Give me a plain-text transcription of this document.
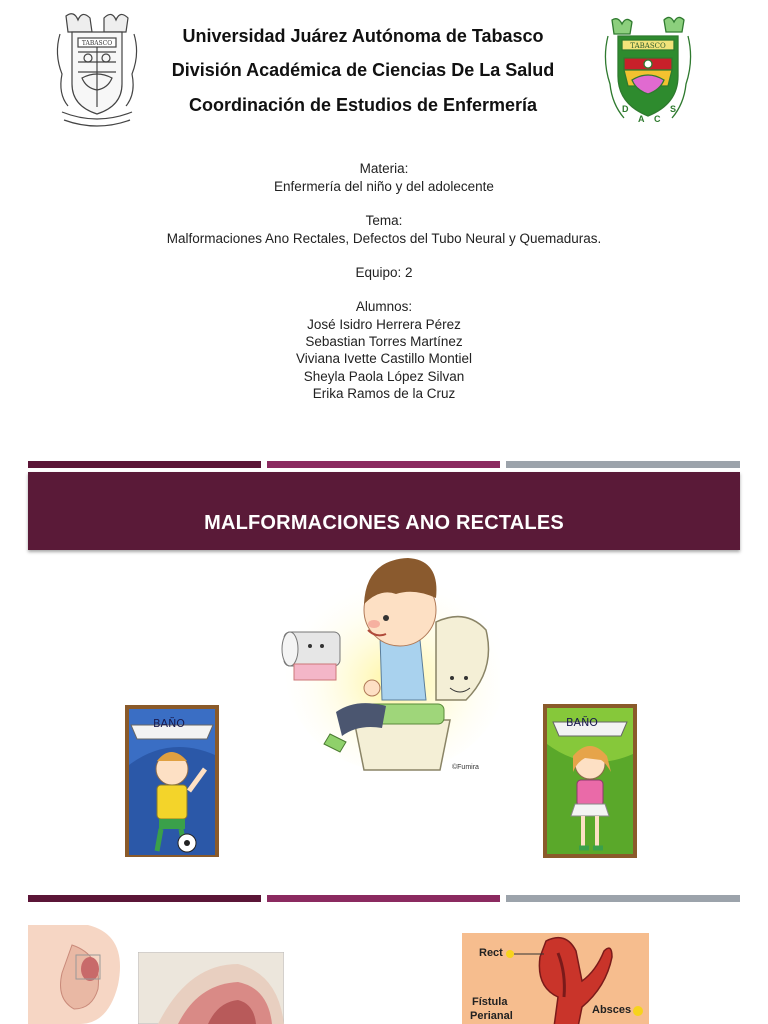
TABASCO	TABASCO
D
A C
S
Universidad Juárez Autónoma de Tabasco
División Académica de Ciencias De La Salud
Coordinación de Estudios de Enfermería
Materia:
Enfermería del niño y del adolecente
Tema:
Malformaciones Ano Rectales, Defectos del Tubo Neural y Quemaduras.
Equipo: 2
Alumnos:
José Isidro Herrera Pérez
Sebastian Torres Martínez
Viviana Ivette Castillo Montiel
Sheyla Paola López Silvan
Erika Ramos de la Cruz
MALFORMACIONES ANO RECTALES
©Fumira
BAÑO	BAÑO
Rect
Fístula
Perianal	Absces
